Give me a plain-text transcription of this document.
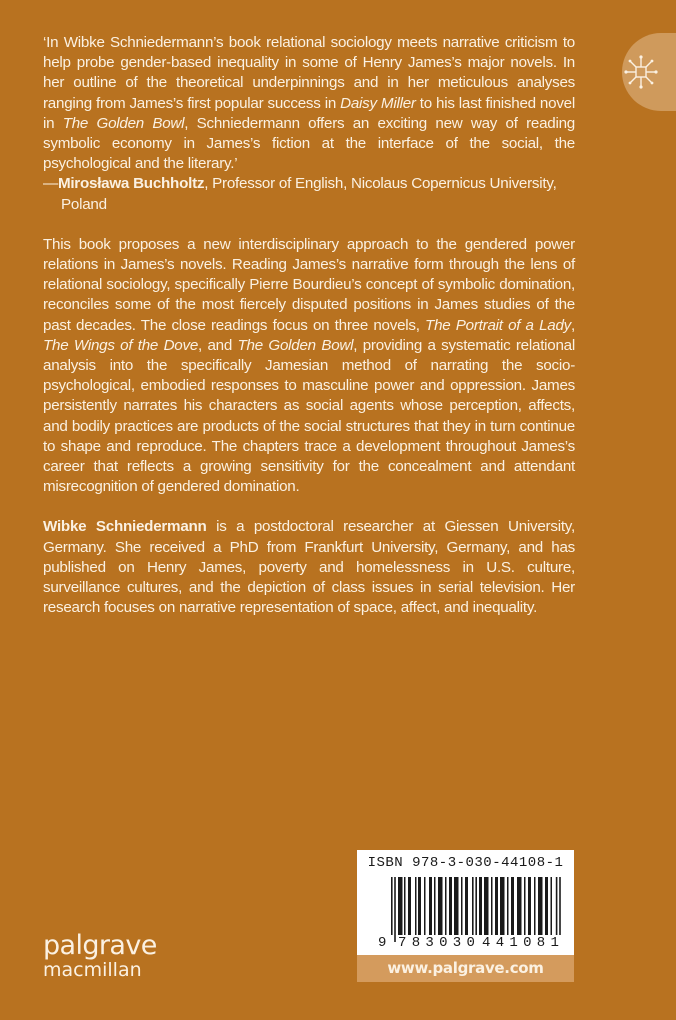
‘In Wibke Schniedermann’s book relational sociology meets narrative criticism to help probe gender-based inequality in some of Henry James’s major novels. In her outline of the theoretical underpinnings and in her meticulous analyses ranging from James’s first popular success in Daisy Miller to his last finished novel in The Golden Bowl, Schniedermann offers an exciting new way of reading symbolic economy in James’s fiction at the interface of the social, the psychological and the literary.’

—Mirosława Buchholtz, Professor of English, Nicolaus Copernicus University, Poland

This book proposes a new interdisciplinary approach to the gendered power relations in James’s novels. Reading James’s narrative form through the lens of relational sociology, specifically Pierre Bourdieu’s concept of symbolic domination, reconciles some of the most fiercely disputed positions in James studies of the past decades. The close readings focus on three novels, The Portrait of a Lady, The Wings of the Dove, and The Golden Bowl, providing a systematic relational analysis into the specifically Jamesian method of narrating the socio-psychological, embodied responses to masculine power and oppression. James persistently narrates his characters as social agents whose perception, affects, and bodily practices are products of the social structures that they in turn continue to shape and reproduce. The chapters trace a development throughout James’s career that reflects a growing sensitivity for the concealment and attendant misrecognition of gendered domination.

Wibke Schniedermann is a postdoctoral researcher at Giessen University, Germany. She received a PhD from Frankfurt University, Germany, and has published on Henry James, poverty and homelessness in U.S. culture, surveillance cultures, and the depiction of class issues in serial television. Her research focuses on narrative representation of space, affect, and inequality.

palgrave
macmillan
ISBN 978-3-030-44108-1
9 783030 441081
www.palgrave.com
